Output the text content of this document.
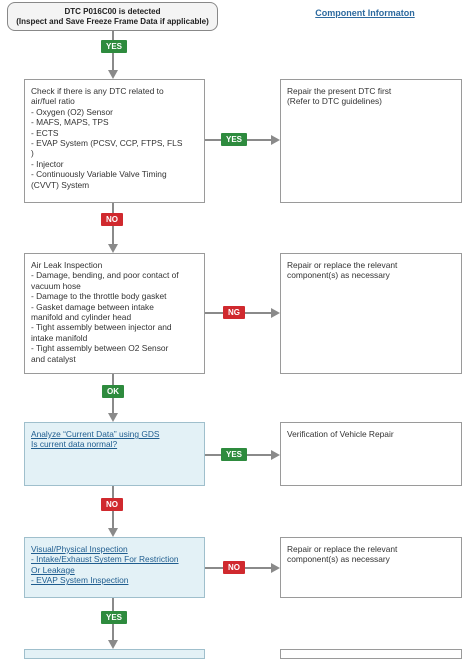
DTC P016C00 is detected
(Inspect and Save Freeze Frame Data if applicable)
Component Informaton
YES
Check if there is any DTC related to
air/fuel ratio
- Oxygen (O2) Sensor
- MAFS, MAPS, TPS
- ECTS
- EVAP System (PCSV, CCP, FTPS, FLS
)
- Injector
- Continuously Variable Valve Timing
(CVVT) System
YES
Repair the present DTC first
(Refer to DTC guidelines)
NO
Air Leak Inspection
- Damage, bending, and poor contact of
vacuum hose
- Damage to the throttle body gasket
- Gasket damage between intake
manifold and cylinder head
- Tight assembly between injector and
intake manifold
- Tight assembly between O2 Sensor
and catalyst
NG
Repair or replace the relevant
component(s) as necessary
OK
Analyze “Current Data” using GDS
Is current data normal?
YES
Verification of Vehicle Repair
NO
Visual/Physical Inspection
- Intake/Exhaust System For Restriction
Or Leakage
- EVAP System Inspection
NO
Repair or replace the relevant
component(s) as necessary
YES
